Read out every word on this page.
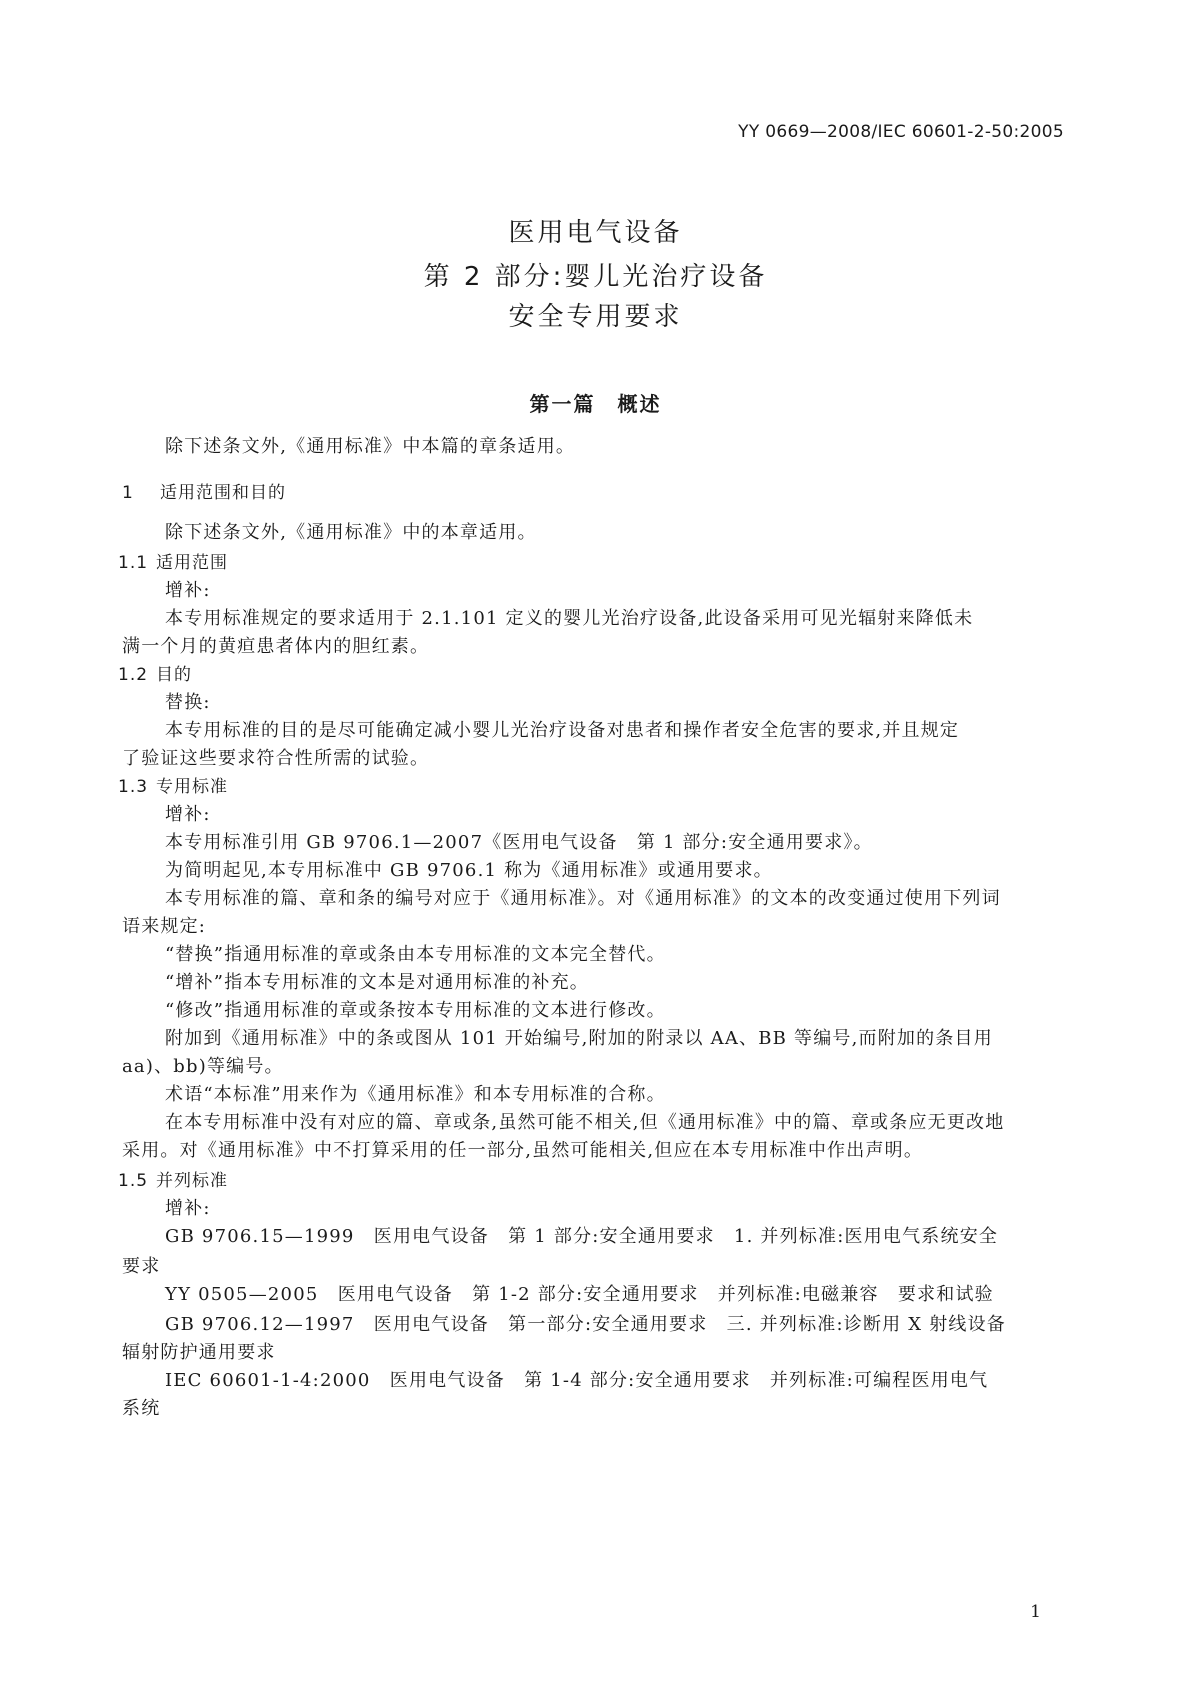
YY 0669—2008/IEC 60601-2-50:2005
医用电气设备
第 2 部分:婴儿光治疗设备
安全专用要求
第一篇　概述
除下述条文外,《通用标准》中本篇的章条适用。
1 适用范围和目的
除下述条文外,《通用标准》中的本章适用。
1.1 适用范围
增补:
本专用标准规定的要求适用于 2.1.101 定义的婴儿光治疗设备,此设备采用可见光辐射来降低未
满一个月的黄疸患者体内的胆红素。
1.2 目的
替换:
本专用标准的目的是尽可能确定减小婴儿光治疗设备对患者和操作者安全危害的要求,并且规定
了验证这些要求符合性所需的试验。
1.3 专用标准
增补:
本专用标准引用 GB 9706.1—2007《医用电气设备　第 1 部分:安全通用要求》。
为简明起见,本专用标准中 GB 9706.1 称为《通用标准》或通用要求。
本专用标准的篇、章和条的编号对应于《通用标准》。对《通用标准》的文本的改变通过使用下列词
语来规定:
“替换”指通用标准的章或条由本专用标准的文本完全替代。
“增补”指本专用标准的文本是对通用标准的补充。
“修改”指通用标准的章或条按本专用标准的文本进行修改。
附加到《通用标准》中的条或图从 101 开始编号,附加的附录以 AA、BB 等编号,而附加的条目用
aa)、bb)等编号。
术语“本标准”用来作为《通用标准》和本专用标准的合称。
在本专用标准中没有对应的篇、章或条,虽然可能不相关,但《通用标准》中的篇、章或条应无更改地
采用。对《通用标准》中不打算采用的任一部分,虽然可能相关,但应在本专用标准中作出声明。
1.5 并列标准
增补:
GB 9706.15—1999　医用电气设备　第 1 部分:安全通用要求　1. 并列标准:医用电气系统安全
要求
YY 0505—2005　医用电气设备　第 1-2 部分:安全通用要求　并列标准:电磁兼容　要求和试验
GB 9706.12—1997　医用电气设备　第一部分:安全通用要求　三. 并列标准:诊断用 X 射线设备
辐射防护通用要求
IEC 60601-1-4:2000　医用电气设备　第 1-4 部分:安全通用要求　并列标准:可编程医用电气
系统
1
